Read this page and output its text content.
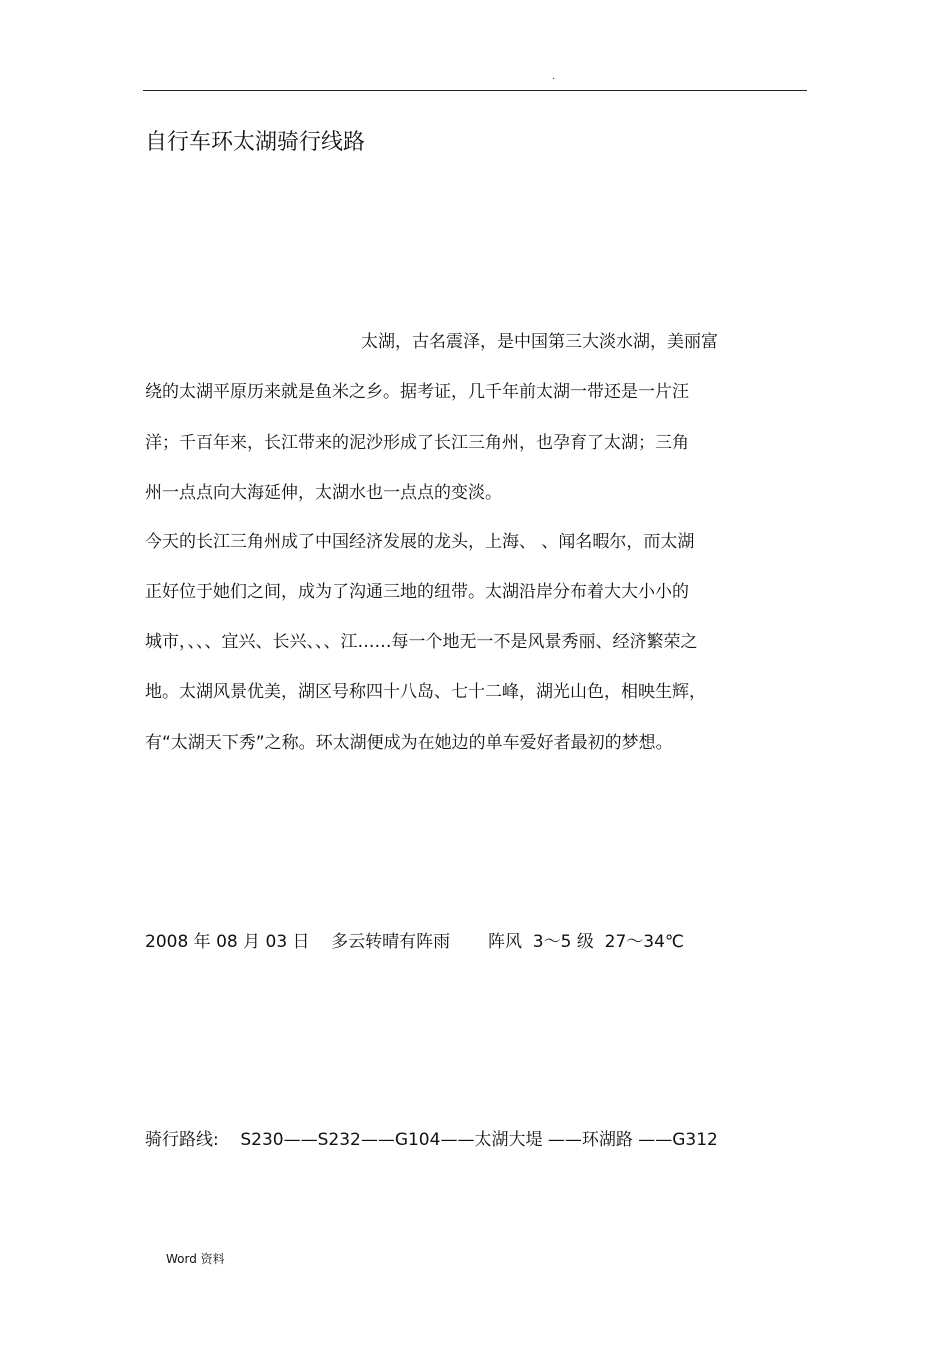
.
自行车环太湖骑行线路

太湖，古名震泽，是中国第三大淡水湖，美丽富

绕的太湖平原历来就是鱼米之乡。据考证，几千年前太湖一带还是一片汪

洋；千百年来，长江带来的泥沙形成了长江三角州，也孕育了太湖；三角

州一点点向大海延伸，太湖水也一点点的变淡。

今天的长江三角州成了中国经济发展的龙头，上海、 、闻名暇尔，而太湖

正好位于她们之间，成为了沟通三地的纽带。太湖沿岸分布着大大小小的

城市，、、、宜兴、长兴、、、江……每一个地无一不是风景秀丽、经济繁荣之

地。太湖风景优美，湖区号称四十八岛、七十二峰，湖光山色，相映生辉，

有“太湖天下秀”之称。环太湖便成为在她边的单车爱好者最初的梦想。

2008 年 08 月 03 日    多云转晴有阵雨       阵风  3～5 级  27～34℃

骑行路线:    S230——S232——G104——太湖大堤 ——环湖路 ——G312

Word 资料
